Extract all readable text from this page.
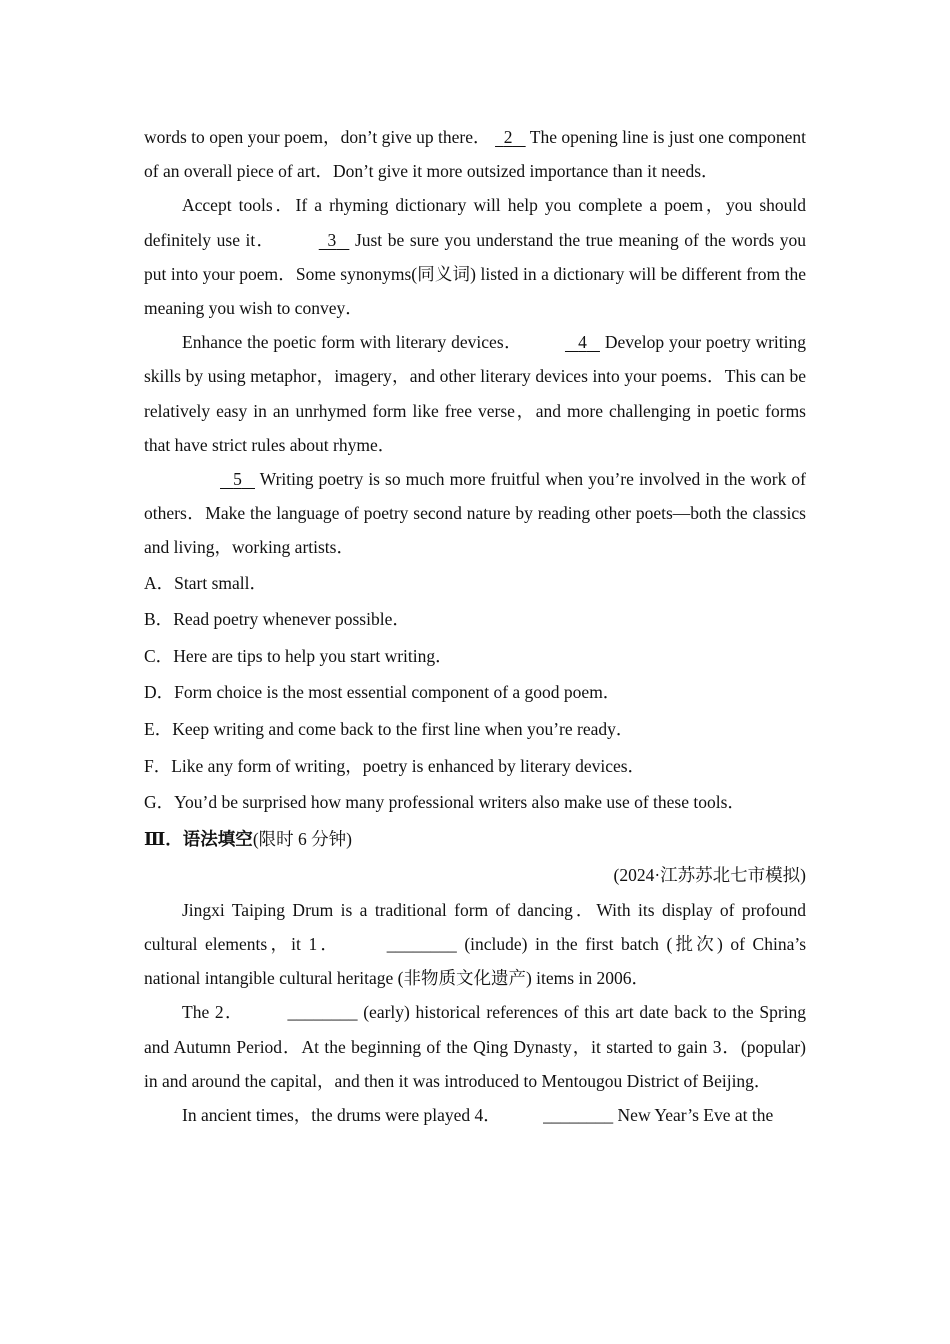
words to open your poem，don’t give up there． 2 The opening line is just one component of an overall piece of art．Don’t give it more outsized importance than it needs．

Accept tools．If a rhyming dictionary will help you complete a poem，you should definitely use it．	3 Just be sure you understand the true meaning of the words you put into your poem．Some synonyms(同义词) listed in a dictionary will be different from the meaning you wish to convey．

Enhance the poetic form with literary devices．	4 Develop your poetry writing skills by using metaphor，imagery，and other literary devices into your poems．This can be relatively easy in an unrhymed form like free verse，and more challenging in poetic forms that have strict rules about rhyme．

5 Writing poetry is so much more fruitful when you’re involved in the work of others．Make the language of poetry second nature by reading other poets—both the classics and living，working artists．

A．Start small．

B．Read poetry whenever possible．

C．Here are tips to help you start writing．

D．Form choice is the most essential component of a good poem．

E．Keep writing and come back to the first line when you’re ready．

F．Like any form of writing，poetry is enhanced by literary devices．

G．You’d be surprised how many professional writers also make use of these tools．

Ⅲ．语法填空(限时 6 分钟)

(2024·江苏苏北七市模拟)

Jingxi Taiping Drum is a traditional form of dancing．With its display of profound cultural elements，it 1．	________ (include) in the first batch (批次) of China’s national intangible cultural heritage (非物质文化遗产) items in 2006．

The 2． ________ (early) historical references of this art date back to the Spring and Autumn Period．At the beginning of the Qing Dynasty，it started to gain 3．(popular) in and around the capital，and then it was introduced to Mentougou District of Beijing．

In ancient times，the drums were played 4． ________ New Year’s Eve at the
